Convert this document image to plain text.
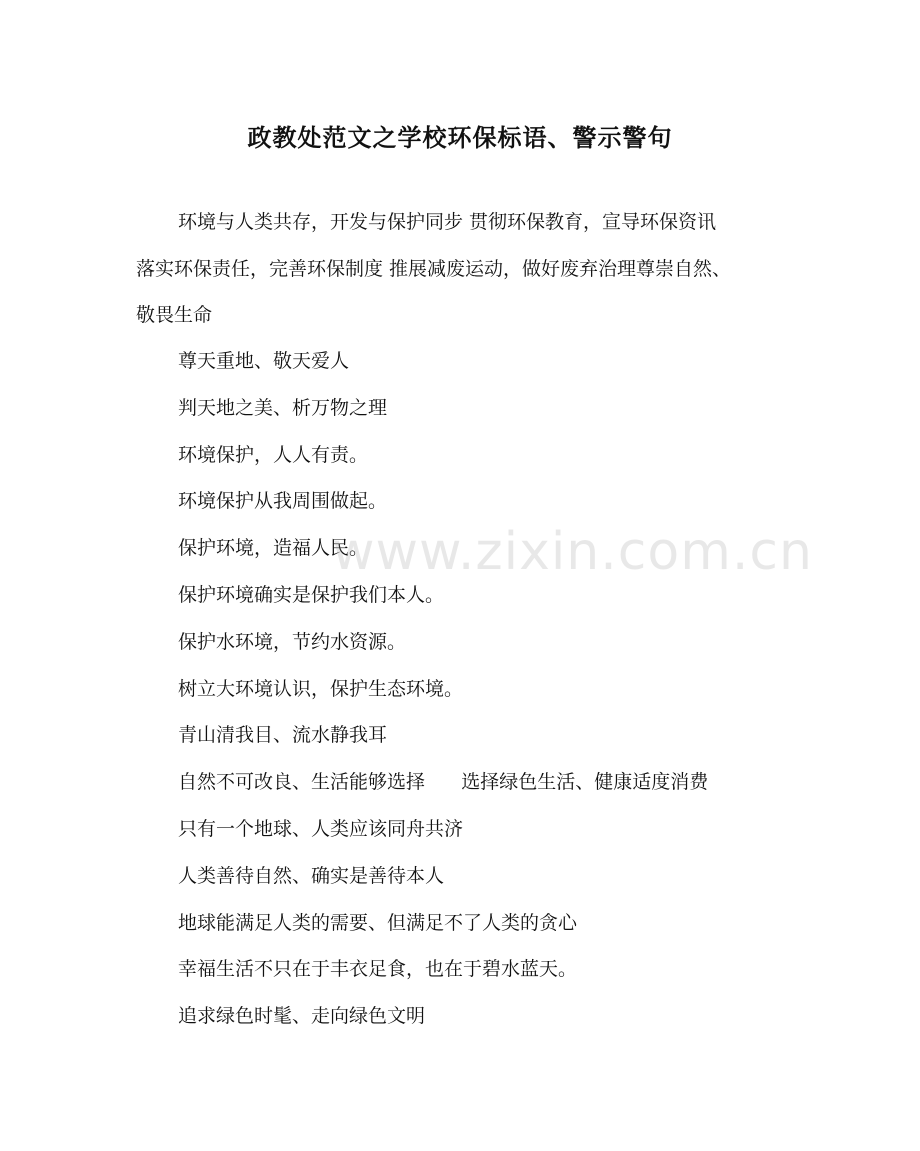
政教处范文之学校环保标语、警示警句

环境与人类共存，开发与保护同步 贯彻环保教育，宣导环保资讯
落实环保责任，完善环保制度 推展减废运动，做好废弃治理尊崇自然、
敬畏生命

尊天重地、敬天爱人
判天地之美、析万物之理
环境保护，人人有责。
环境保护从我周围做起。
保护环境，造福人民。
保护环境确实是保护我们本人。
保护水环境，节约水资源。
树立大环境认识，保护生态环境。
青山清我目、流水静我耳
自然不可改良、生活能够选择      选择绿色生活、健康适度消费
只有一个地球、人类应该同舟共济
人类善待自然、确实是善待本人
地球能满足人类的需要、但满足不了人类的贪心
幸福生活不只在于丰衣足食，也在于碧水蓝天。
追求绿色时髦、走向绿色文明
www.zixin.com.cn
